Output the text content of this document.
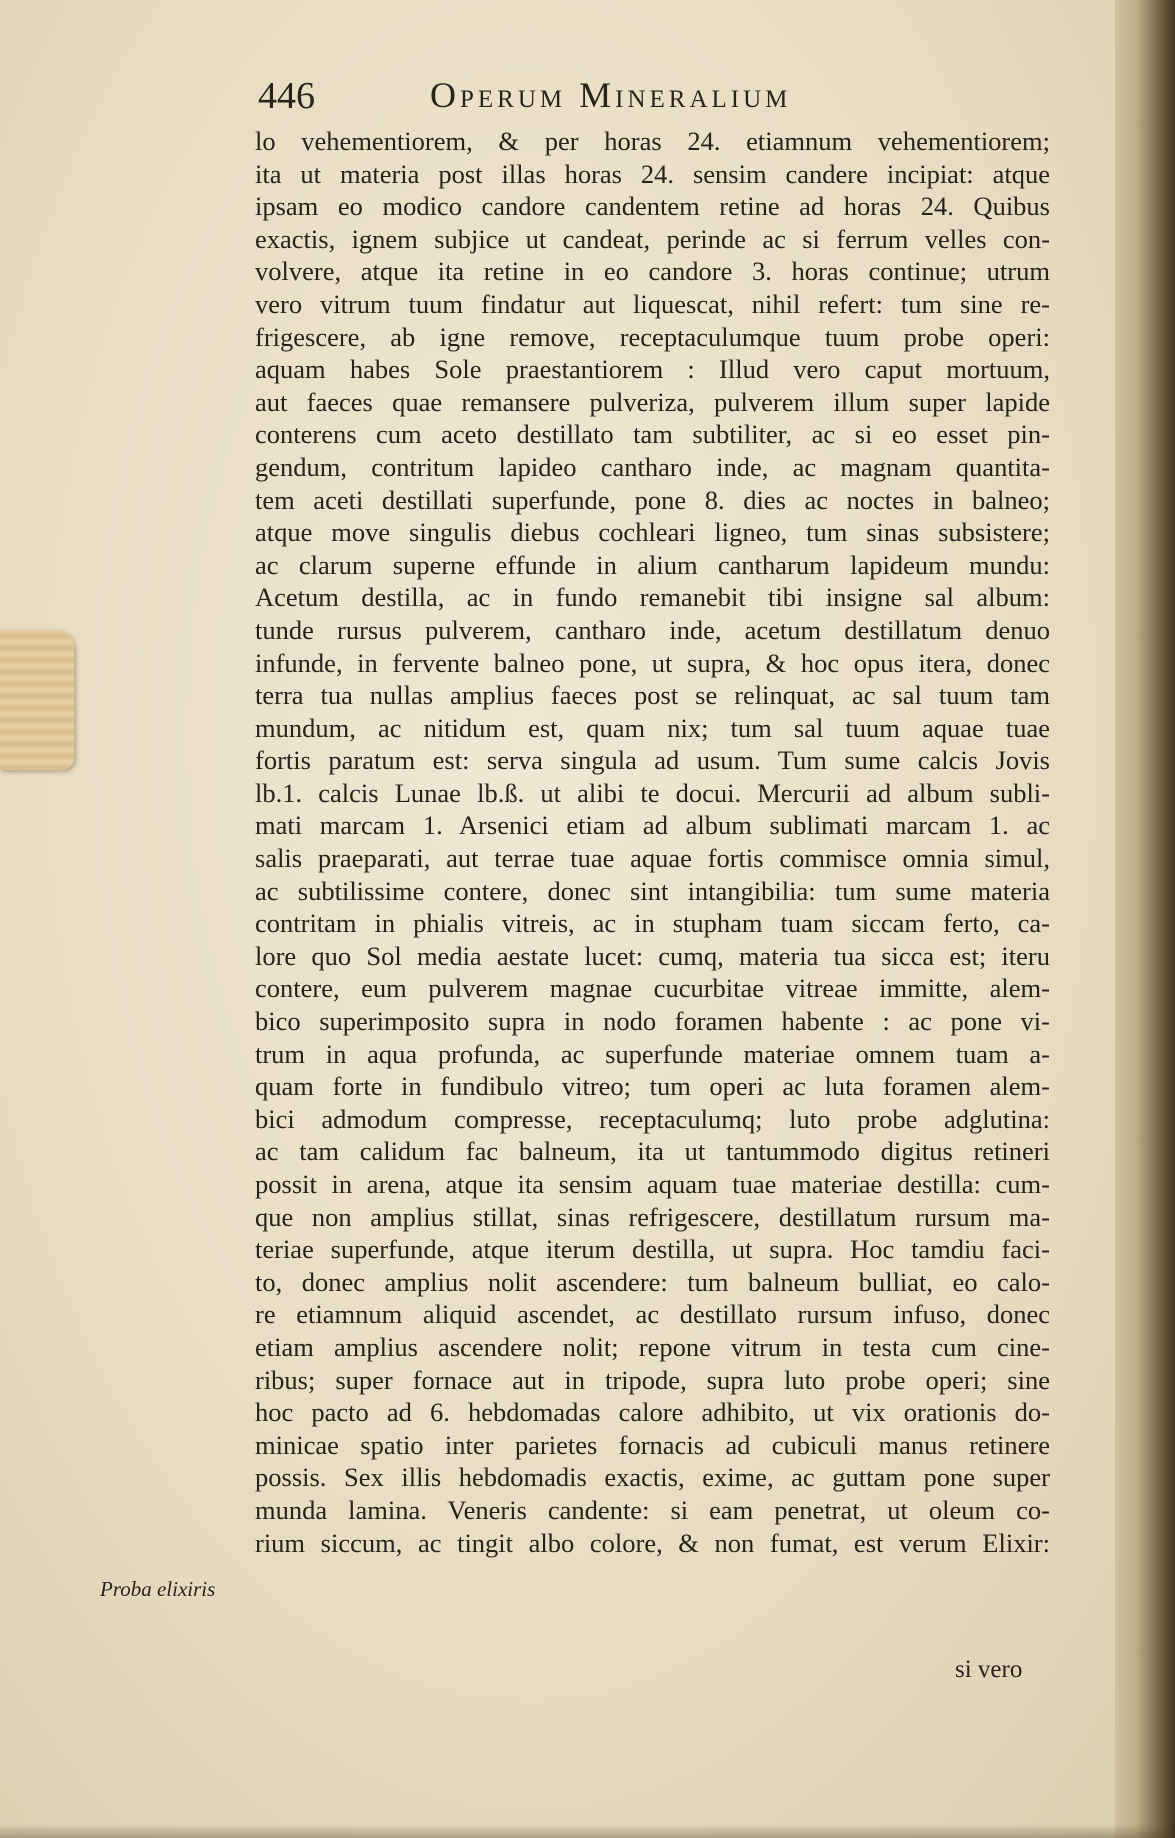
446	Operum Mineralium
lo vehementiorem, & per horas 24. etiamnum vehementiorem;
ita ut materia post illas horas 24. sensim candere incipiat: atque
ipsam eo modico candore candentem retine ad horas 24. Quibus
exactis, ignem subjice ut candeat, perinde ac si ferrum velles con-
volvere, atque ita retine in eo candore 3. horas continue; utrum
vero vitrum tuum findatur aut liquescat, nihil refert: tum sine re-
frigescere, ab igne remove, receptaculumque tuum probe operi:
aquam habes Sole praestantiorem : Illud vero caput mortuum,
aut faeces quae remansere pulveriza, pulverem illum super lapide
conterens cum aceto destillato tam subtiliter, ac si eo esset pin-
gendum, contritum lapideo cantharo inde, ac magnam quantita-
tem aceti destillati superfunde, pone 8. dies ac noctes in balneo;
atque move singulis diebus cochleari ligneo, tum sinas subsistere;
ac clarum superne effunde in alium cantharum lapideum mundu:
Acetum destilla, ac in fundo remanebit tibi insigne sal album:
tunde rursus pulverem, cantharo inde, acetum destillatum denuo
infunde, in fervente balneo pone, ut supra, & hoc opus itera, donec
terra tua nullas amplius faeces post se relinquat, ac sal tuum tam
mundum, ac nitidum est, quam nix; tum sal tuum aquae tuae
fortis paratum est: serva singula ad usum. Tum sume calcis Jovis
lb.1. calcis Lunae lb.ß. ut alibi te docui. Mercurii ad album subli-
mati marcam 1. Arsenici etiam ad album sublimati marcam 1. ac
salis praeparati, aut terrae tuae aquae fortis commisce omnia simul,
ac subtilissime contere, donec sint intangibilia: tum sume materia
contritam in phialis vitreis, ac in stupham tuam siccam ferto, ca-
lore quo Sol media aestate lucet: cumq, materia tua sicca est; iteru
contere, eum pulverem magnae cucurbitae vitreae immitte, alem-
bico superimposito supra in nodo foramen habente : ac pone vi-
trum in aqua profunda, ac superfunde materiae omnem tuam a-
quam forte in fundibulo vitreo; tum operi ac luta foramen alem-
bici admodum compresse, receptaculumq; luto probe adglutina:
ac tam calidum fac balneum, ita ut tantummodo digitus retineri
possit in arena, atque ita sensim aquam tuae materiae destilla: cum-
que non amplius stillat, sinas refrigescere, destillatum rursum ma-
teriae superfunde, atque iterum destilla, ut supra. Hoc tamdiu faci-
to, donec amplius nolit ascendere: tum balneum bulliat, eo calo-
re etiamnum aliquid ascendet, ac destillato rursum infuso, donec
etiam amplius ascendere nolit; repone vitrum in testa cum cine-
ribus; super fornace aut in tripode, supra luto probe operi; sine
hoc pacto ad 6. hebdomadas calore adhibito, ut vix orationis do-
minicae spatio inter parietes fornacis ad cubiculi manus retinere
possis. Sex illis hebdomadis exactis, exime, ac guttam pone super
munda lamina. Veneris candente: si eam penetrat, ut oleum co-
rium siccum, ac tingit albo colore, & non fumat, est verum Elixir:
Proba elixiris
si vero
